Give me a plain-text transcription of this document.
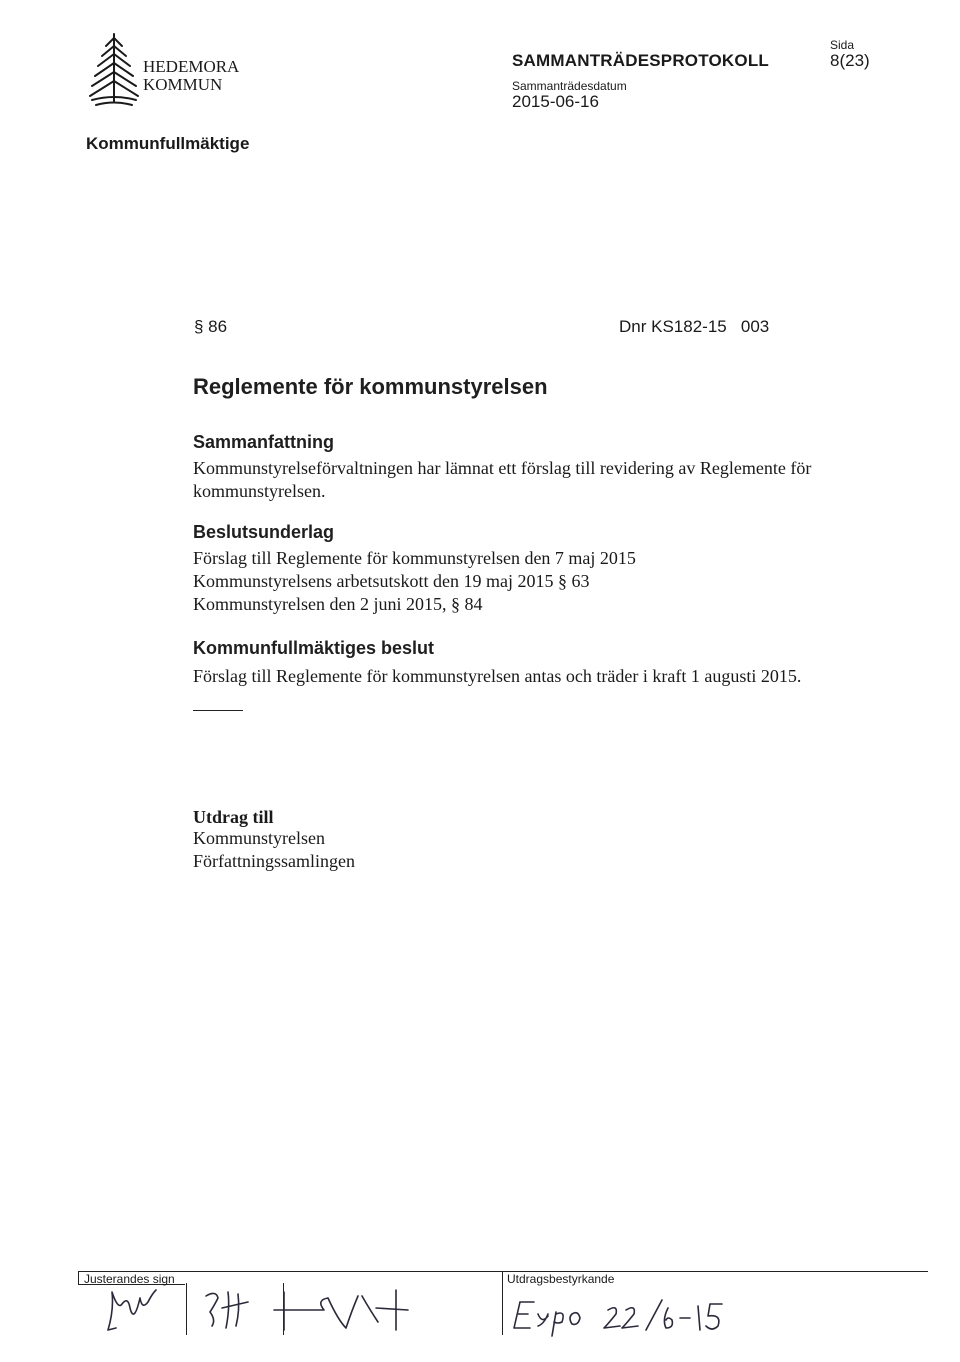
HEDEMORA
KOMMUN
SAMMANTRÄDESPROTOKOLL
Sammanträdesdatum
2015-06-16
Sida
8(23)
Kommunfullmäktige
§ 86	Dnr KS182-15   003
Reglemente för kommunstyrelsen
Sammanfattning
Kommunstyrelseförvaltningen har lämnat ett förslag till revidering av Reglemente för kommunstyrelsen.
Beslutsunderlag
Förslag till Reglemente för kommunstyrelsen den 7 maj 2015
Kommunstyrelsens arbetsutskott den 19 maj 2015 § 63
Kommunstyrelsen den 2 juni 2015, § 84
Kommunfullmäktiges beslut
Förslag till Reglemente för kommunstyrelsen antas och träder i kraft 1 augusti 2015.
Utdrag till
Kommunstyrelsen
Författningssamlingen
Justerandes sign	Utdragsbestyrkande
